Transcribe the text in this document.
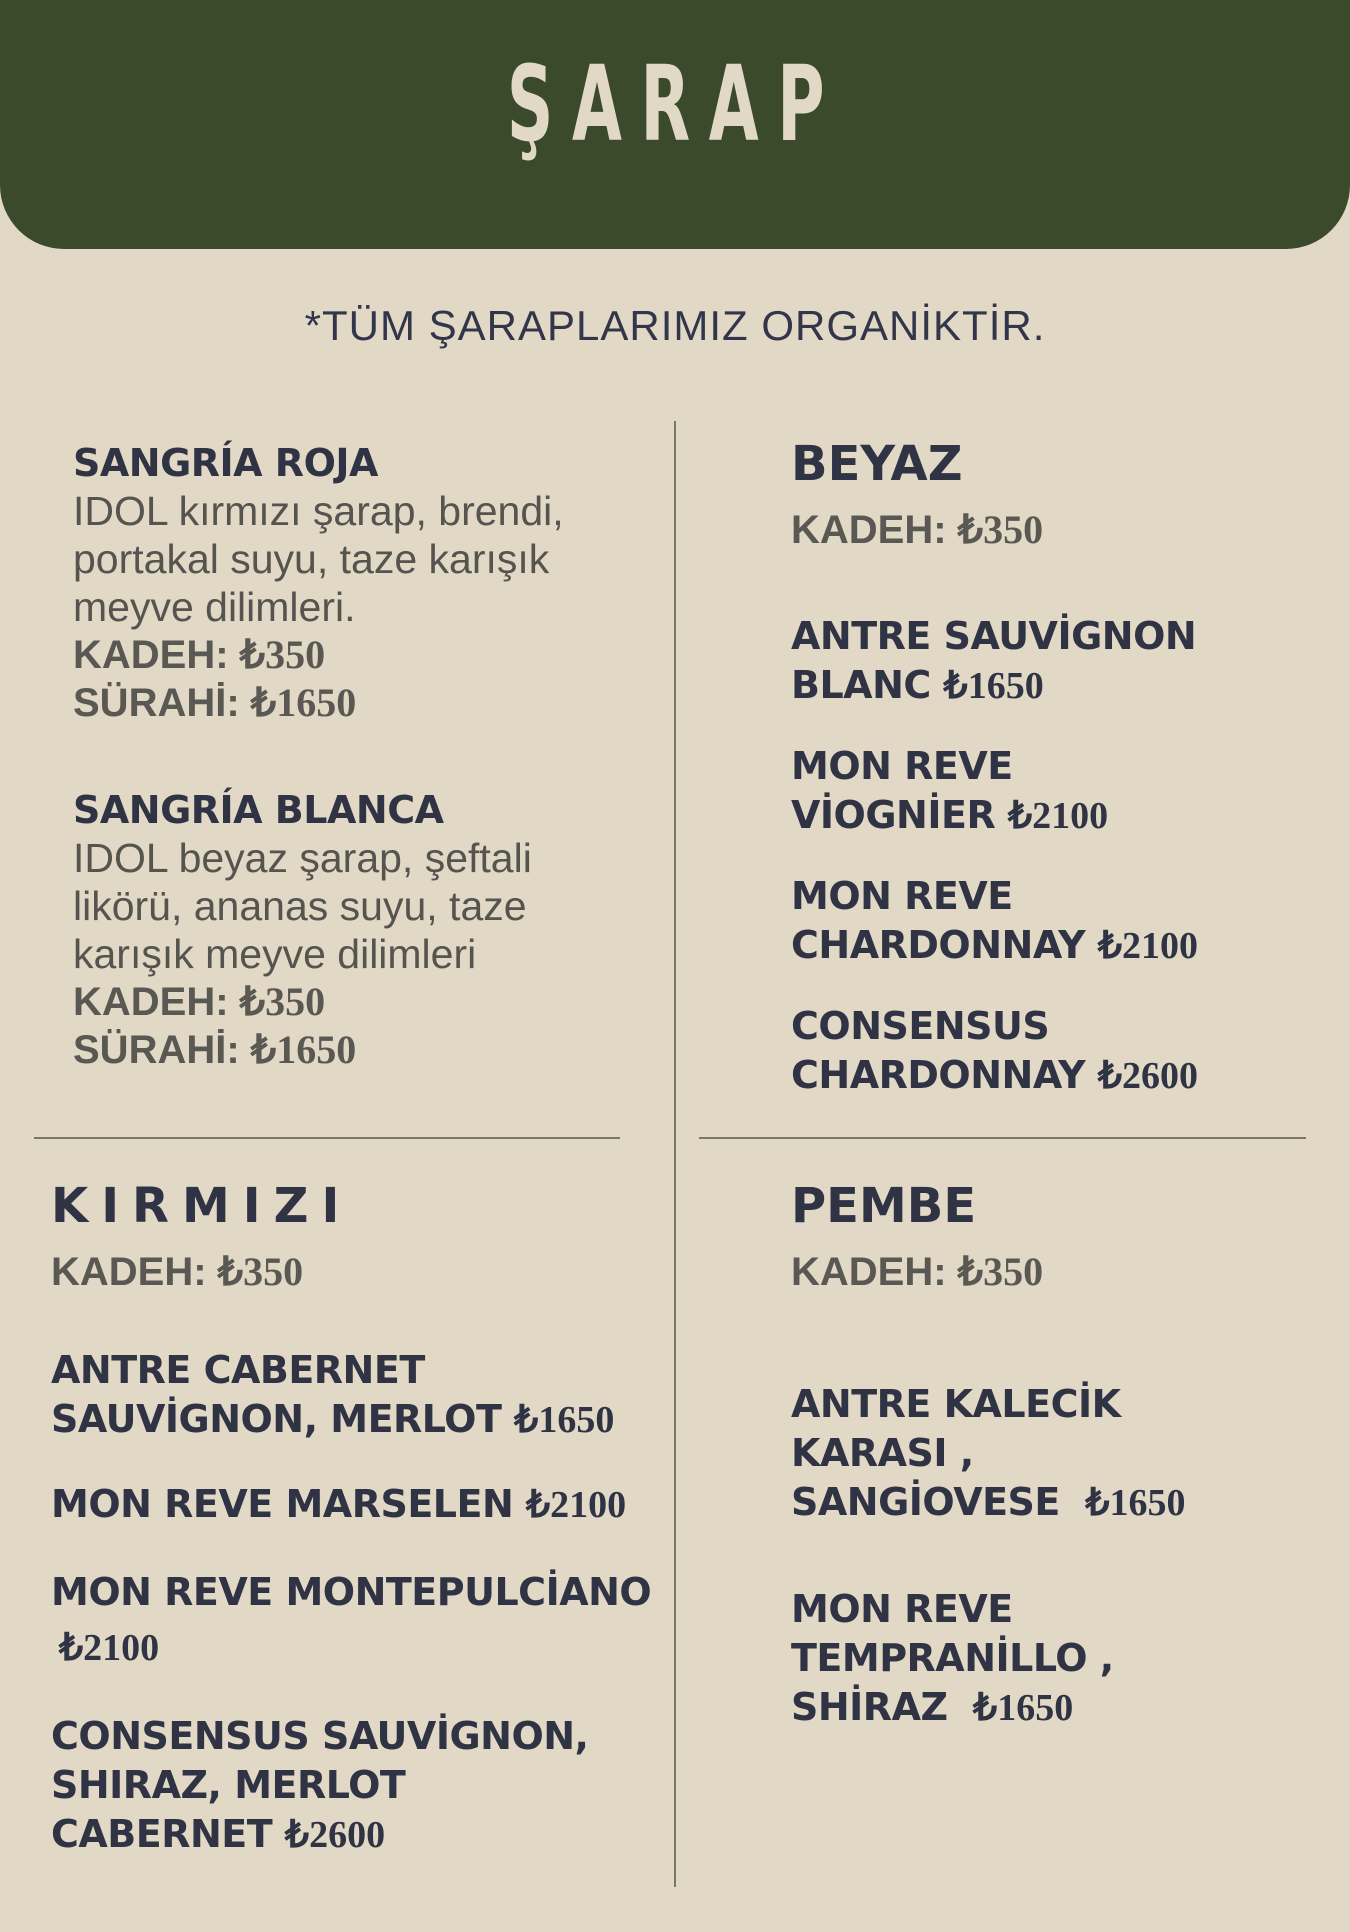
ŞARAP
*TÜM ŞARAPLARIMIZ ORGANİKTİR.
SANGRÍA ROJA
IDOL kırmızı şarap, brendi,
portakal suyu, taze karışık
meyve dilimleri.
KADEH: ₺350
SÜRAHİ: ₺1650
SANGRÍA BLANCA
IDOL beyaz şarap, şeftali
likörü, ananas suyu, taze
karışık meyve dilimleri
KADEH: ₺350
SÜRAHİ: ₺1650
BEYAZ
KADEH: ₺350
ANTRE SAUVİGNON
BLANC ₺1650
MON REVE
VİOGNİER ₺2100
MON REVE
CHARDONNAY ₺2100
CONSENSUS
CHARDONNAY ₺2600
KIRMIZI
KADEH: ₺350
ANTRE CABERNET
SAUVİGNON, MERLOT ₺1650
MON REVE MARSELEN ₺2100
MON REVE MONTEPULCİANO
₺2100
CONSENSUS SAUVİGNON,
SHIRAZ, MERLOT
CABERNET ₺2600
PEMBE
KADEH: ₺350
ANTRE KALECİK
KARASI ,
SANGİOVESE ₺1650
MON REVE
TEMPRANİLLO ,
SHİRAZ ₺1650
